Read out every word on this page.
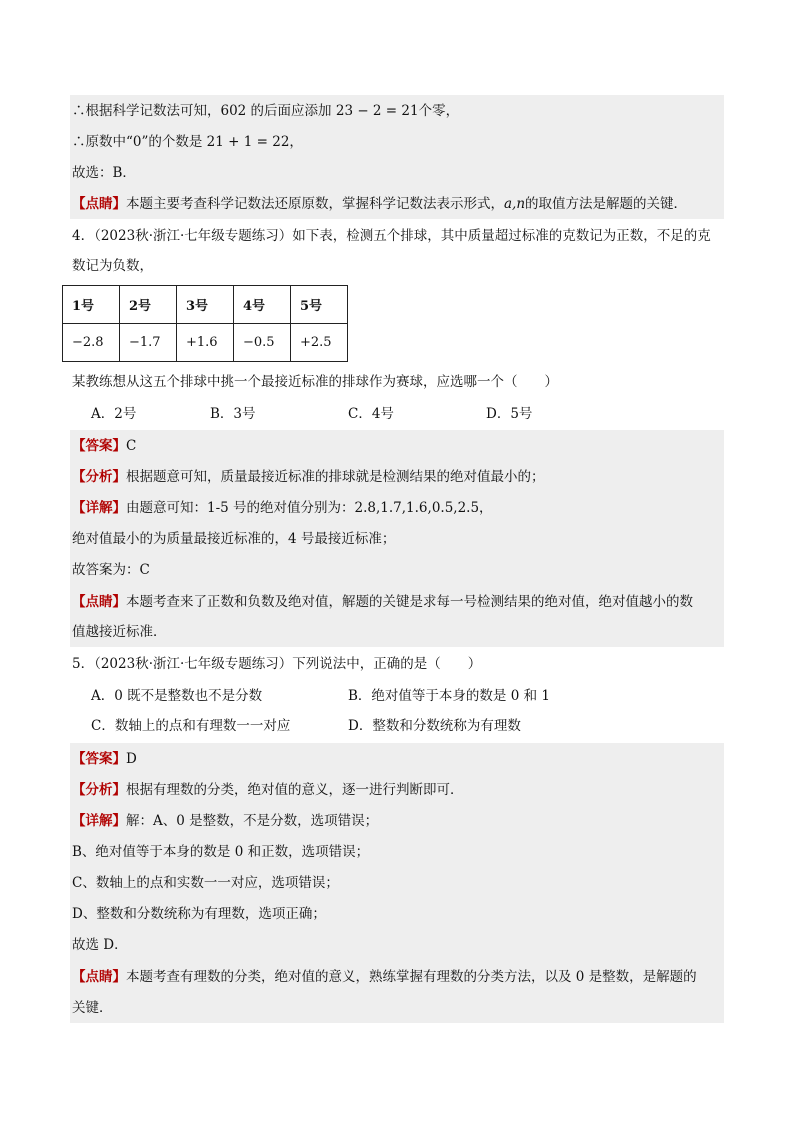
∴根据科学记数法可知，602 的后面应添加 23 − 2 = 21个零，
∴原数中“0”的个数是 21 + 1 = 22，
故选：B．
【点睛】本题主要考查科学记数法还原原数，掌握科学记数法表示形式，a,n的取值方法是解题的关键．
4．（2023秋·浙江·七年级专题练习）如下表，检测五个排球，其中质量超过标准的克数记为正数，不足的克
数记为负数，
1号	2号	3号	4号	5号
−2.8	−1.7	+1.6	−0.5	+2.5
某教练想从这五个排球中挑一个最接近标准的排球作为赛球，应选哪一个（　　）
A．2号	B．3号	C．4号	D．5号
【答案】C
【分析】根据题意可知，质量最接近标准的排球就是检测结果的绝对值最小的；
【详解】由题意可知：1-5 号的绝对值分别为：2.8,1.7,1.6,0.5,2.5，
绝对值最小的为质量最接近标准的，4 号最接近标准；
故答案为：C
【点睛】本题考查来了正数和负数及绝对值，解题的关键是求每一号检测结果的绝对值，绝对值越小的数
值越接近标准．
5．（2023秋·浙江·七年级专题练习）下列说法中，正确的是（　　）
A．0 既不是整数也不是分数	B．绝对值等于本身的数是 0 和 1
C．数轴上的点和有理数一一对应	D．整数和分数统称为有理数
【答案】D
【分析】根据有理数的分类，绝对值的意义，逐一进行判断即可．
【详解】解：A、0 是整数，不是分数，选项错误；
B、绝对值等于本身的数是 0 和正数，选项错误；
C、数轴上的点和实数一一对应，选项错误；
D、整数和分数统称为有理数，选项正确；
故选 D．
【点睛】本题考查有理数的分类，绝对值的意义，熟练掌握有理数的分类方法，以及 0 是整数，是解题的
关键．
